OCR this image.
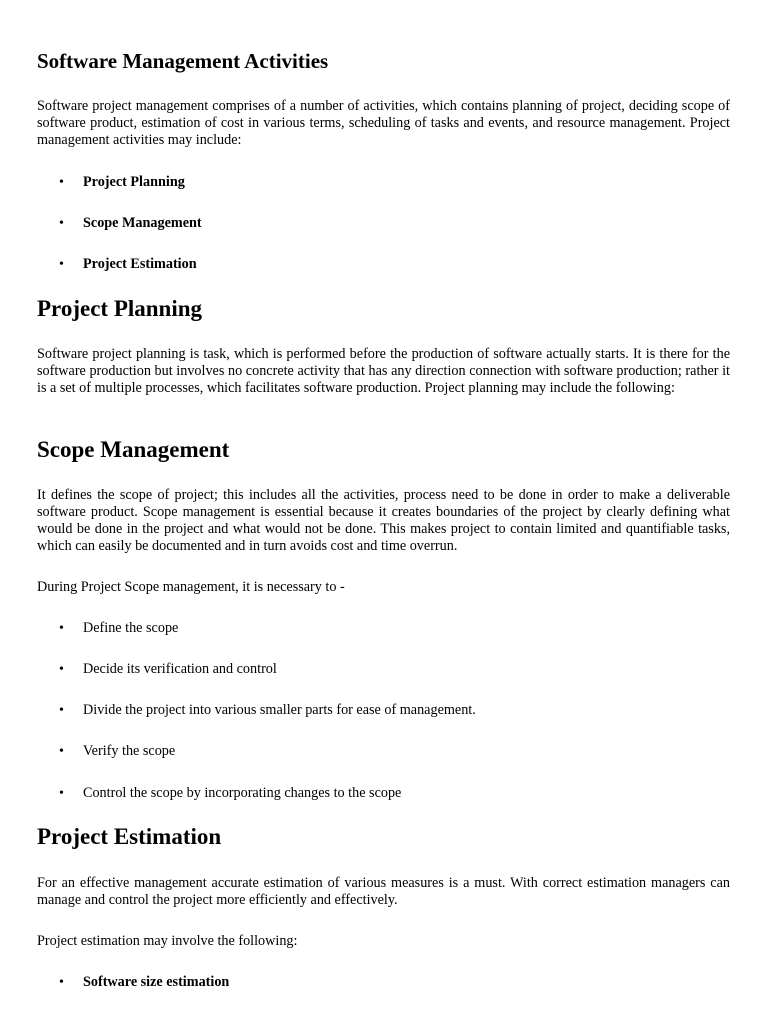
Software Management Activities

Software project management comprises of a number of activities, which contains planning of project, deciding scope of software product, estimation of cost in various terms, scheduling of tasks and events, and resource management. Project management activities may include:

• Project Planning
• Scope Management
• Project Estimation
Project Planning

Software project planning is task, which is performed before the production of software actually starts. It is there for the software production but involves no concrete activity that has any direction connection with software production; rather it is a set of multiple processes, which facilitates software production. Project planning may include the following:

Scope Management

It defines the scope of project; this includes all the activities, process need to be done in order to make a deliverable software product. Scope management is essential because it creates boundaries of the project by clearly defining what would be done in the project and what would not be done. This makes project to contain limited and quantifiable tasks, which can easily be documented and in turn avoids cost and time overrun.

During Project Scope management, it is necessary to -

• Define the scope
• Decide its verification and control
• Divide the project into various smaller parts for ease of management.
• Verify the scope
• Control the scope by incorporating changes to the scope
Project Estimation

For an effective management accurate estimation of various measures is a must. With correct estimation managers can manage and control the project more efficiently and effectively.

Project estimation may involve the following:

• Software size estimation
